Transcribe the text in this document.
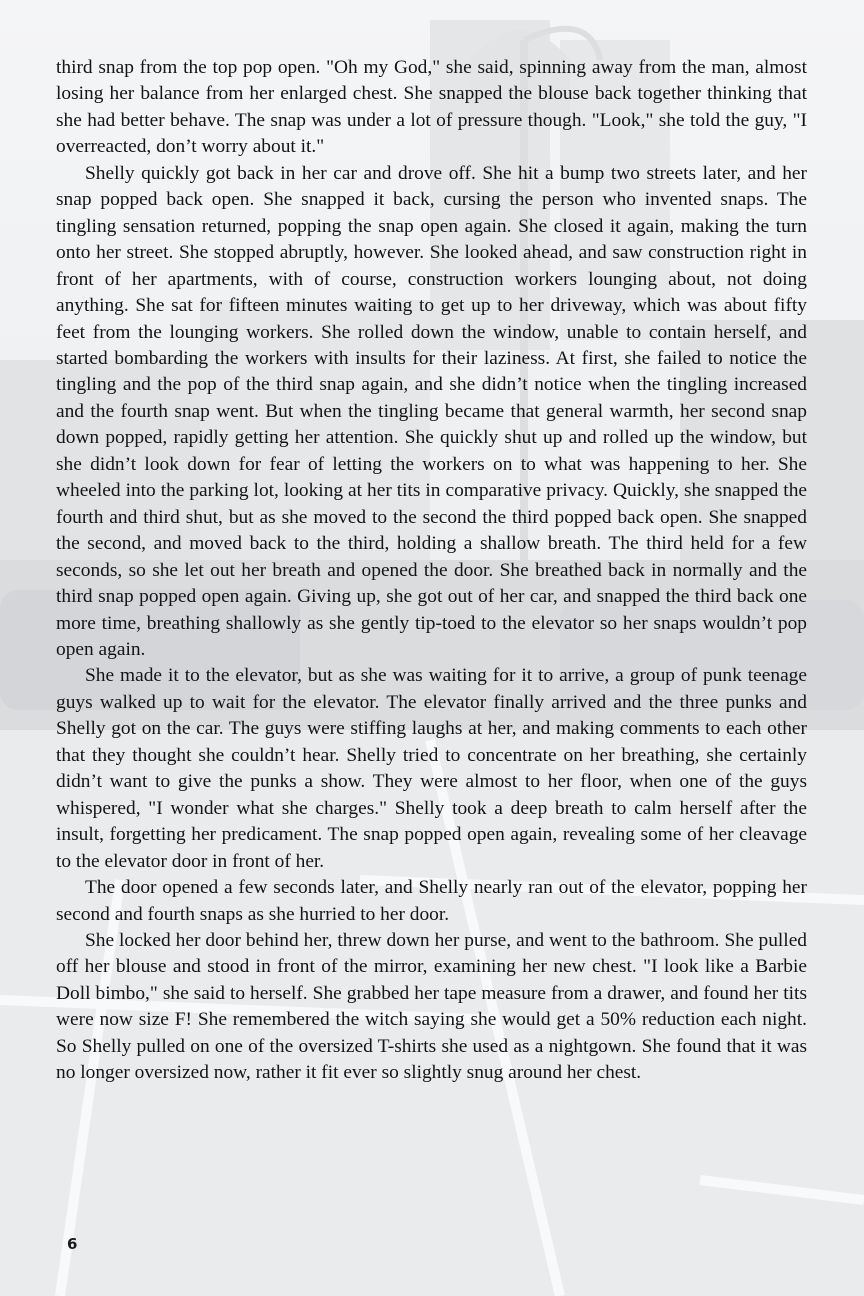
third snap from the top pop open. "Oh my God," she said, spinning away from the man, almost losing her balance from her enlarged chest. She snapped the blouse back together thinking that she had better behave. The snap was under a lot of pressure though. "Look," she told the guy, "I overreacted, don’t worry about it."

Shelly quickly got back in her car and drove off. She hit a bump two streets later, and her snap popped back open. She snapped it back, cursing the person who invented snaps. The tingling sensation returned, popping the snap open again. She closed it again, making the turn onto her street. She stopped abruptly, however. She looked ahead, and saw construction right in front of her apartments, with of course, construction workers lounging about, not doing anything. She sat for fifteen minutes waiting to get up to her driveway, which was about fifty feet from the lounging workers. She rolled down the window, unable to contain herself, and started bombarding the workers with insults for their laziness. At first, she failed to notice the tingling and the pop of the third snap again, and she didn’t notice when the tingling increased and the fourth snap went. But when the tingling became that general warmth, her second snap down popped, rapidly getting her attention. She quickly shut up and rolled up the window, but she didn’t look down for fear of letting the workers on to what was happening to her. She wheeled into the parking lot, looking at her tits in comparative privacy. Quickly, she snapped the fourth and third shut, but as she moved to the second the third popped back open. She snapped the second, and moved back to the third, holding a shallow breath. The third held for a few seconds, so she let out her breath and opened the door. She breathed back in normally and the third snap popped open again. Giving up, she got out of her car, and snapped the third back one more time, breathing shallowly as she gently tip-toed to the elevator so her snaps wouldn’t pop open again.

She made it to the elevator, but as she was waiting for it to arrive, a group of punk teenage guys walked up to wait for the elevator. The elevator finally arrived and the three punks and Shelly got on the car. The guys were stiffing laughs at her, and making comments to each other that they thought she couldn’t hear. Shelly tried to concentrate on her breathing, she certainly didn’t want to give the punks a show. They were almost to her floor, when one of the guys whispered, "I wonder what she charges." Shelly took a deep breath to calm herself after the insult, forgetting her predicament. The snap popped open again, revealing some of her cleavage to the elevator door in front of her.

The door opened a few seconds later, and Shelly nearly ran out of the elevator, popping her second and fourth snaps as she hurried to her door.

She locked her door behind her, threw down her purse, and went to the bathroom. She pulled off her blouse and stood in front of the mirror, examining her new chest. "I look like a Barbie Doll bimbo," she said to herself. She grabbed her tape measure from a drawer, and found her tits were now size F! She remembered the witch saying she would get a 50% reduction each night. So Shelly pulled on one of the oversized T-shirts she used as a nightgown. She found that it was no longer oversized now, rather it fit ever so slightly snug around her chest.

6
